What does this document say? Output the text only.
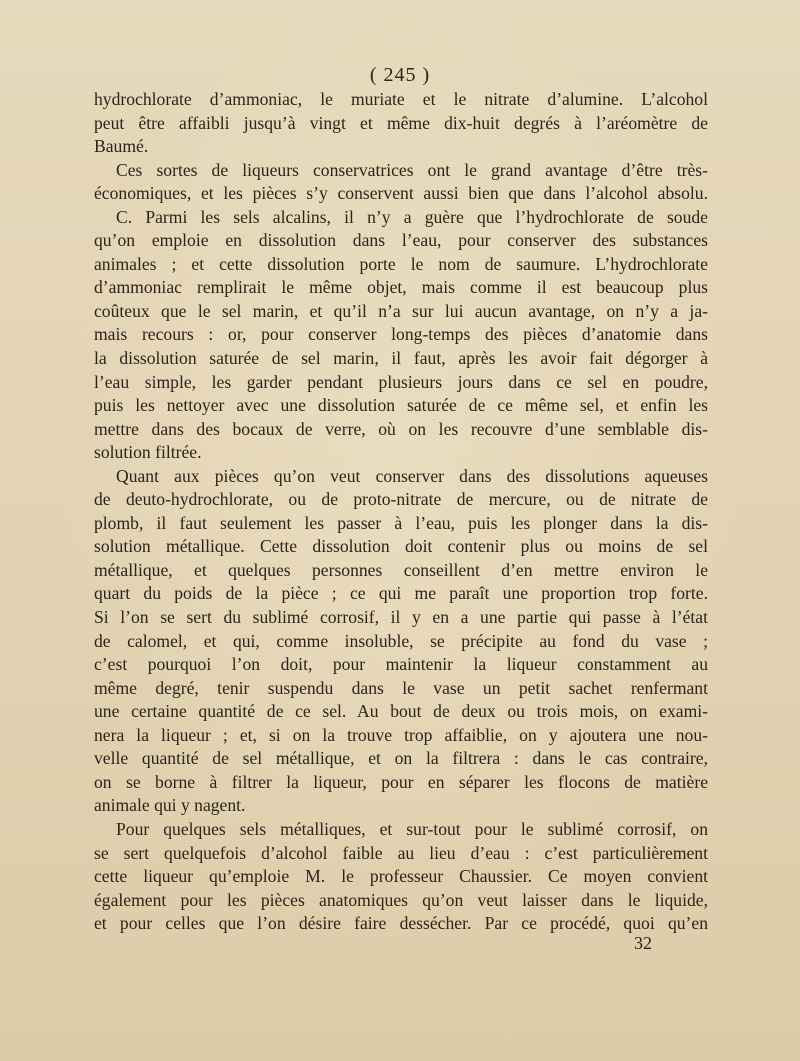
( 245 )
hydrochlorate d’ammoniac, le muriate et le nitrate d’alumine. L’alcohol
peut être affaibli jusqu’à vingt et même dix-huit degrés à l’aréomètre de
Baumé.
Ces sortes de liqueurs conservatrices ont le grand avantage d’être très-
économiques, et les pièces s’y conservent aussi bien que dans l’alcohol absolu.
C. Parmi les sels alcalins, il n’y a guère que l’hydrochlorate de soude
qu’on emploie en dissolution dans l’eau, pour conserver des substances
animales ; et cette dissolution porte le nom de saumure. L’hydrochlorate
d’ammoniac remplirait le même objet, mais comme il est beaucoup plus
coûteux que le sel marin, et qu’il n’a sur lui aucun avantage, on n’y a ja-
mais recours : or, pour conserver long-temps des pièces d’anatomie dans
la dissolution saturée de sel marin, il faut, après les avoir fait dégorger à
l’eau simple, les garder pendant plusieurs jours dans ce sel en poudre,
puis les nettoyer avec une dissolution saturée de ce même sel, et enfin les
mettre dans des bocaux de verre, où on les recouvre d’une semblable dis-
solution filtrée.
Quant aux pièces qu’on veut conserver dans des dissolutions aqueuses
de deuto-hydrochlorate, ou de proto-nitrate de mercure, ou de nitrate de
plomb, il faut seulement les passer à l’eau, puis les plonger dans la dis-
solution métallique. Cette dissolution doit contenir plus ou moins de sel
métallique, et quelques personnes conseillent d’en mettre environ le
quart du poids de la pièce ; ce qui me paraît une proportion trop forte.
Si l’on se sert du sublimé corrosif, il y en a une partie qui passe à l’état
de calomel, et qui, comme insoluble, se précipite au fond du vase ;
c’est pourquoi l’on doit, pour maintenir la liqueur constamment au
même degré, tenir suspendu dans le vase un petit sachet renfermant
une certaine quantité de ce sel. Au bout de deux ou trois mois, on exami-
nera la liqueur ; et, si on la trouve trop affaiblie, on y ajoutera une nou-
velle quantité de sel métallique, et on la filtrera : dans le cas contraire,
on se borne à filtrer la liqueur, pour en séparer les flocons de matière
animale qui y nagent.
Pour quelques sels métalliques, et sur-tout pour le sublimé corrosif, on
se sert quelquefois d’alcohol faible au lieu d’eau : c’est particulièrement
cette liqueur qu’emploie M. le professeur Chaussier. Ce moyen convient
également pour les pièces anatomiques qu’on veut laisser dans le liquide,
et pour celles que l’on désire faire dessécher. Par ce procédé, quoi qu’en
32
